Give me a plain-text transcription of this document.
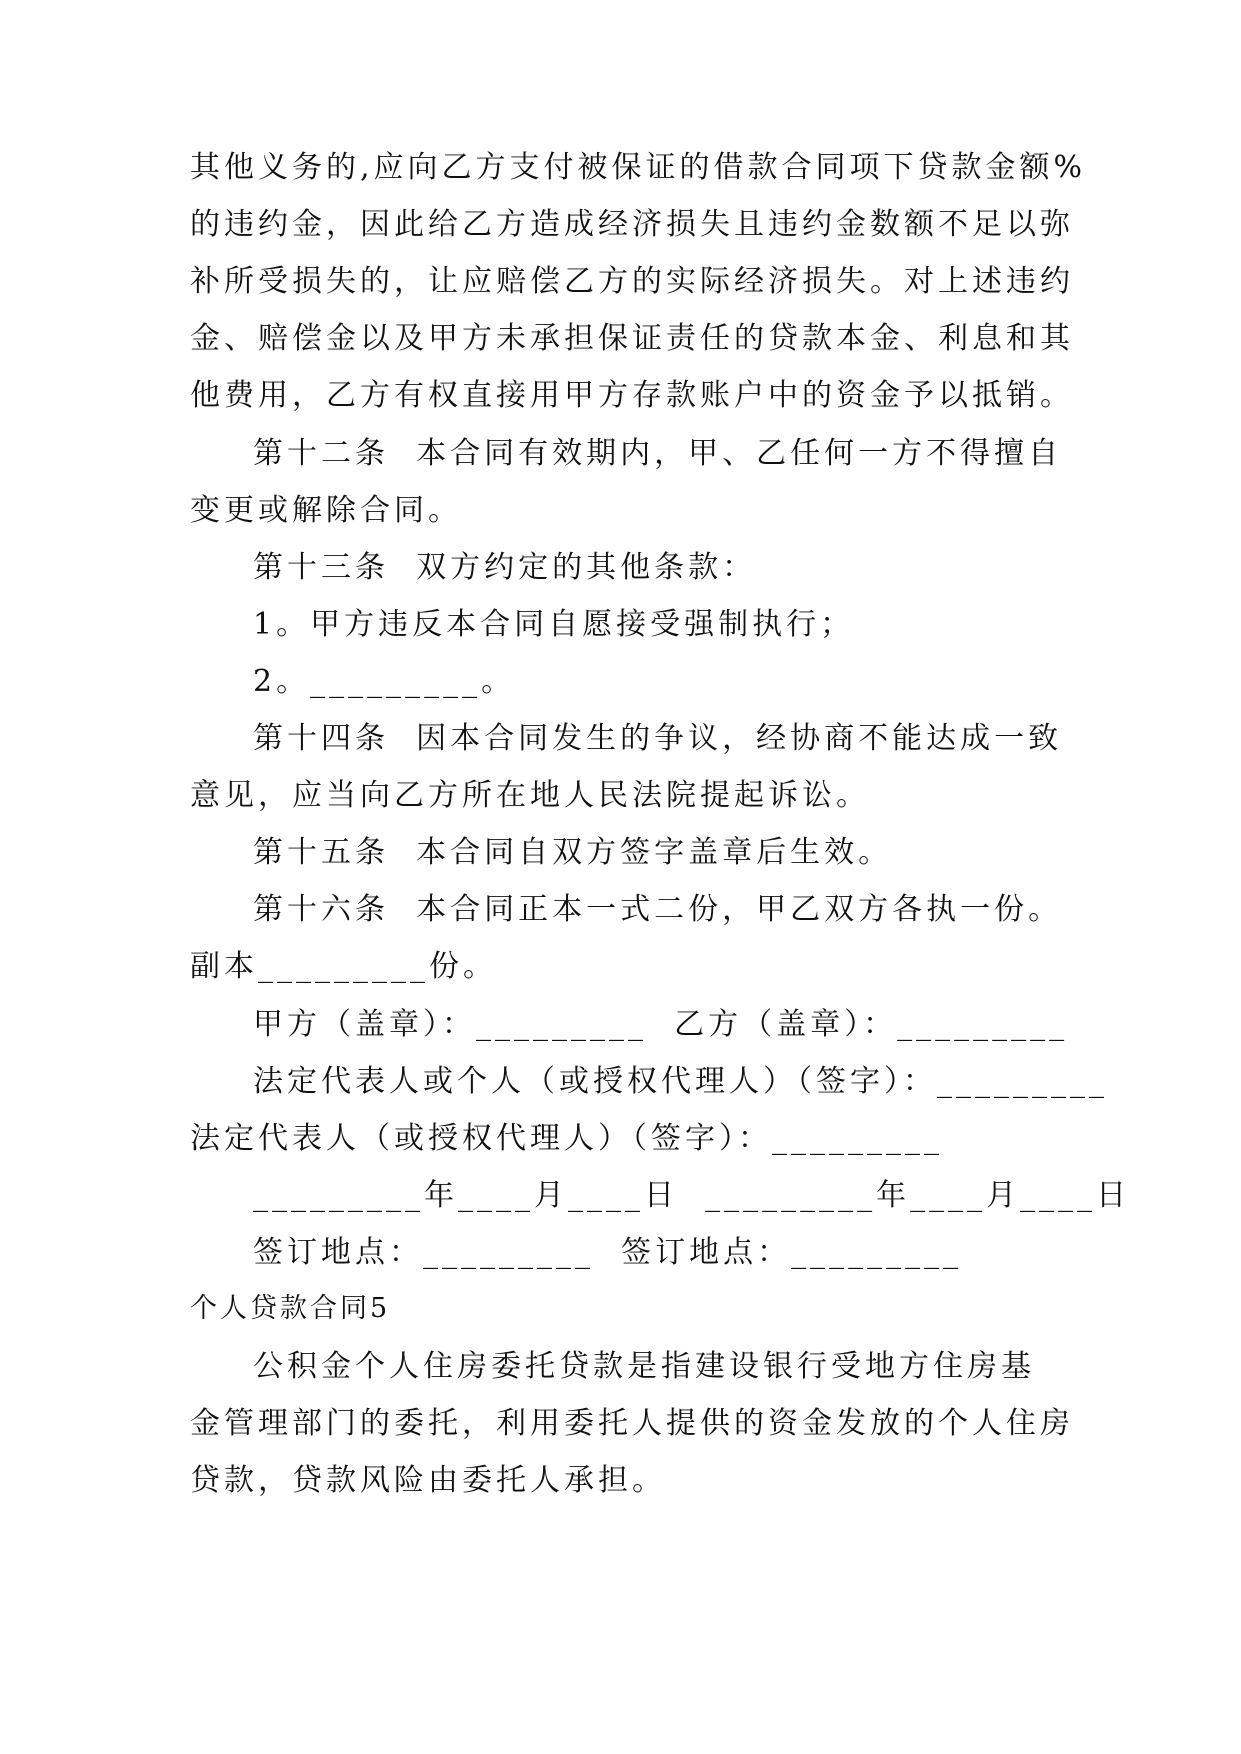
其他义务的,应向乙方支付被保证的借款合同项下贷款金额%
的违约金，因此给乙方造成经济损失且违约金数额不足以弥
补所受损失的，让应赔偿乙方的实际经济损失。对上述违约
金、赔偿金以及甲方未承担保证责任的贷款本金、利息和其
他费用，乙方有权直接用甲方存款账户中的资金予以抵销。
第十二条  本合同有效期内，甲、乙任何一方不得擅自
变更或解除合同。
第十三条  双方约定的其他条款：
1。甲方违反本合同自愿接受强制执行；
2。_________。
第十四条  因本合同发生的争议，经协商不能达成一致
意见，应当向乙方所在地人民法院提起诉讼。
第十五条  本合同自双方签字盖章后生效。
第十六条  本合同正本一式二份，甲乙双方各执一份。
副本_________份。
甲方（盖章）：_________  乙方（盖章）：_________
法定代表人或个人（或授权代理人）（签字）：_________
法定代表人（或授权代理人）（签字）：_________
_________年____月____日  _________年____月____日
签订地点：_________  签订地点：_________
个人贷款合同5
公积金个人住房委托贷款是指建设银行受地方住房基
金管理部门的委托，利用委托人提供的资金发放的个人住房
贷款，贷款风险由委托人承担。
